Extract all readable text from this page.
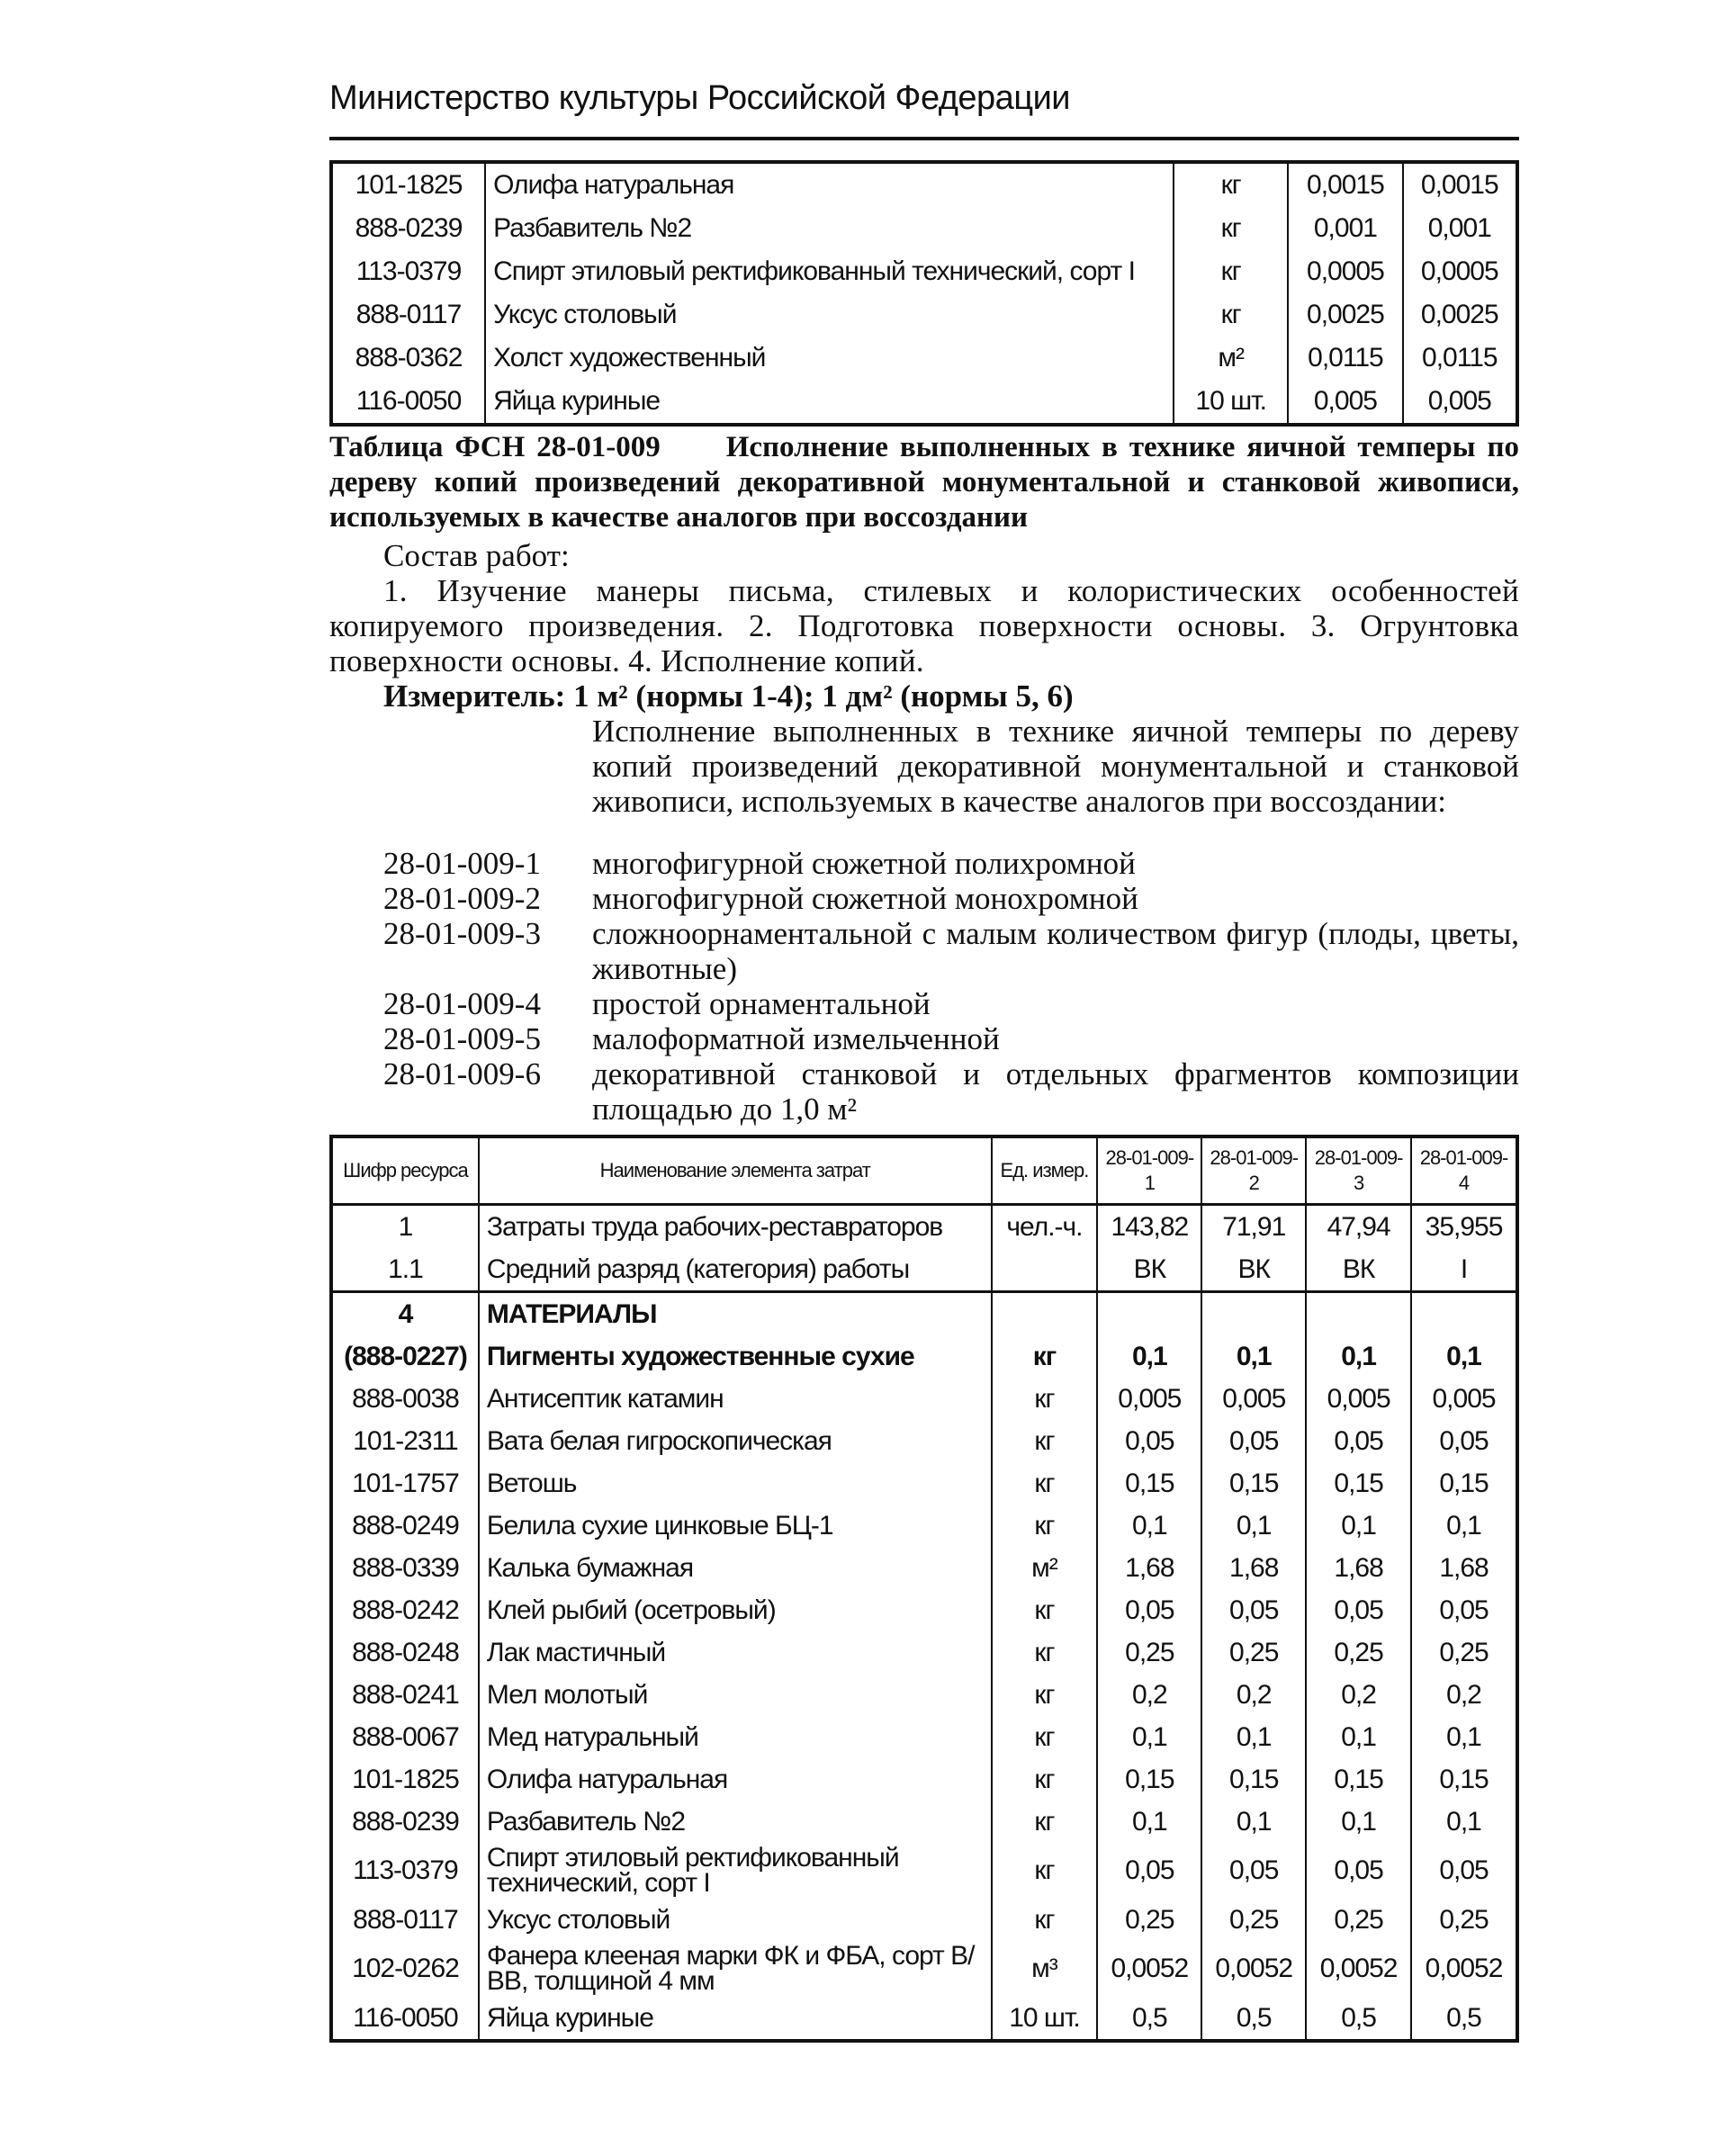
Министерство культуры Российской Федерации
101-1825	Олифа натуральная	кг	0,0015	0,0015
888-0239	Разбавитель №2	кг	0,001	0,001
113-0379	Спирт этиловый ректификованный технический, сорт I	кг	0,0005	0,0005
888-0117	Уксус столовый	кг	0,0025	0,0025
888-0362	Холст художественный	м²	0,0115	0,0115
116-0050	Яйца куриные	10 шт.	0,005	0,005
Таблица ФСН 28-01-009 Исполнение выполненных в технике яичной темперы по дереву копий произведений декоративной монументальной и станковой живописи, используемых в качестве аналогов при воссоздании
Состав работ:
1. Изучение манеры письма, стилевых и колористических особенностей копируемого произведения. 2. Подготовка поверхности основы. 3. Огрунтовка поверхности основы. 4. Исполнение копий.
Измеритель: 1 м² (нормы 1-4); 1 дм² (нормы 5, 6)
Исполнение выполненных в технике яичной темперы по дереву копий произведений декоративной монументальной и станковой живописи, используемых в качестве аналогов при воссоздании:
28-01-009-1	многофигурной сюжетной полихромной
28-01-009-2	многофигурной сюжетной монохромной
28-01-009-3	сложноорнаментальной с малым количеством фигур (плоды, цветы, животные)
28-01-009-4	простой орнаментальной
28-01-009-5	малоформатной измельченной
28-01-009-6	декоративной станковой и отдельных фрагментов композиции площадью до 1,0 м²
Шифр ресурса	Наименование элемента затрат	Ед. измер.	28-01-009-1	28-01-009-2	28-01-009-3	28-01-009-4
1	Затраты труда рабочих-реставраторов	чел.-ч.	143,82	71,91	47,94	35,955
1.1	Средний разряд (категория) работы		ВК	ВК	ВК	I
4	МАТЕРИАЛЫ					
(888-0227)	Пигменты художественные сухие	кг	0,1	0,1	0,1	0,1
888-0038	Антисептик катамин	кг	0,005	0,005	0,005	0,005
101-2311	Вата белая гигроскопическая	кг	0,05	0,05	0,05	0,05
101-1757	Ветошь	кг	0,15	0,15	0,15	0,15
888-0249	Белила сухие цинковые БЦ-1	кг	0,1	0,1	0,1	0,1
888-0339	Калька бумажная	м²	1,68	1,68	1,68	1,68
888-0242	Клей рыбий (осетровый)	кг	0,05	0,05	0,05	0,05
888-0248	Лак мастичный	кг	0,25	0,25	0,25	0,25
888-0241	Мел молотый	кг	0,2	0,2	0,2	0,2
888-0067	Мед натуральный	кг	0,1	0,1	0,1	0,1
101-1825	Олифа натуральная	кг	0,15	0,15	0,15	0,15
888-0239	Разбавитель №2	кг	0,1	0,1	0,1	0,1
113-0379	Спирт этиловый ректификованный технический, сорт I	кг	0,05	0,05	0,05	0,05
888-0117	Уксус столовый	кг	0,25	0,25	0,25	0,25
102-0262	Фанера клееная марки ФК и ФБА, сорт В/ВВ, толщиной 4 мм	м³	0,0052	0,0052	0,0052	0,0052
116-0050	Яйца куриные	10 шт.	0,5	0,5	0,5	0,5
